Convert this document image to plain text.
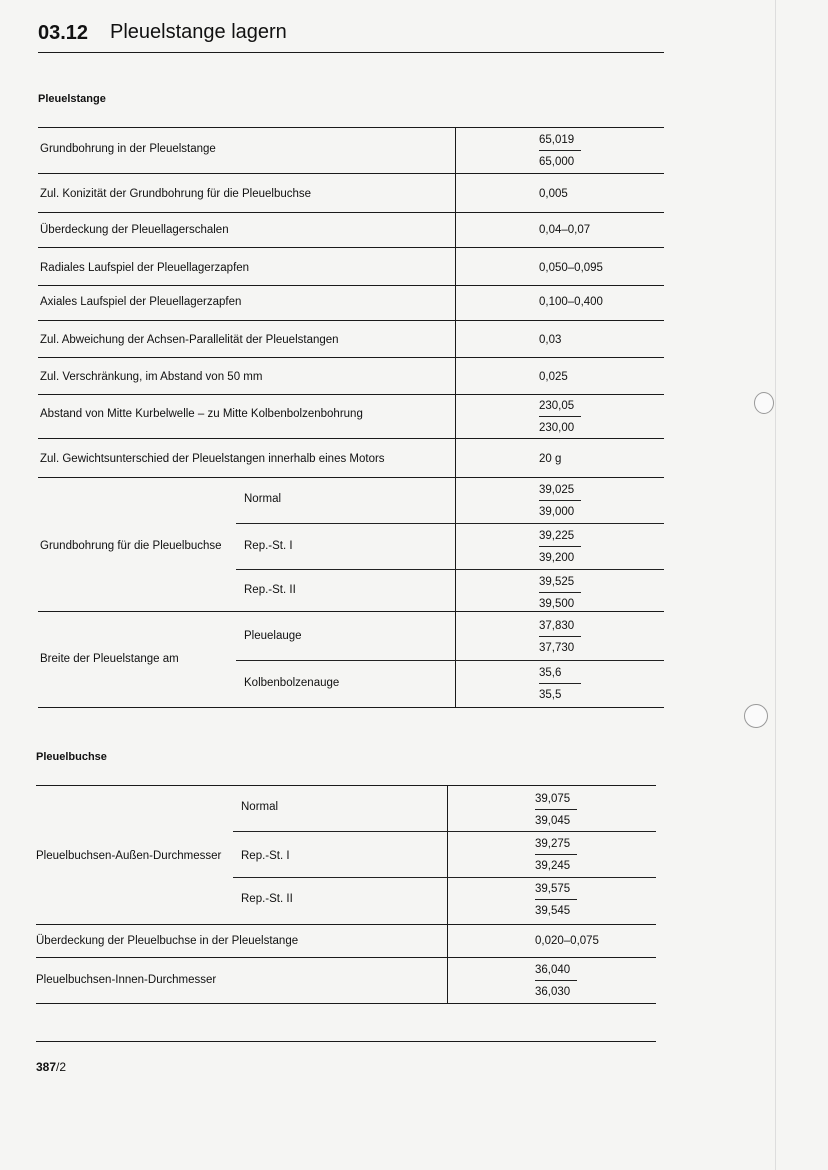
03.12 Pleuelstange lagern
Pleuelstange
Grundbohrung in der Pleuelstange	$\frac{65,019}{65,000}$
Zul. Konizität der Grundbohrung für die Pleuelbuchse	0,005
Überdeckung der Pleuellagerschalen	0,04–0,07
Radiales Laufspiel der Pleuellagerzapfen	0,050–0,095
Axiales Laufspiel der Pleuellagerzapfen	0,100–0,400
Zul. Abweichung der Achsen-Parallelität der Pleuelstangen	0,03
Zul. Verschränkung, im Abstand von 50 mm	0,025
Abstand von Mitte Kurbelwelle – zu Mitte Kolbenbolzenbohrung	$\frac{230,05}{230,00}$
Zul. Gewichtsunterschied der Pleuelstangen innerhalb eines Motors	20 g
Grundbohrung für die Pleuelbuchse
Normal	$\frac{39,025}{39,000}$
Rep.-St. I	$\frac{39,225}{39,200}$
Rep.-St. II	$\frac{39,525}{39,500}$
Breite der Pleuelstange am
Pleuelauge	$\frac{37,830}{37,730}$
Kolbenbolzenauge	$\frac{35,6}{35,5}$
Pleuelbuchse
Pleuelbuchsen-Außen-Durchmesser
Normal	$\frac{39,075}{39,045}$
Rep.-St. I	$\frac{39,275}{39,245}$
Rep.-St. II	$\frac{39,575}{39,545}$
Überdeckung der Pleuelbuchse in der Pleuelstange	0,020–0,075
Pleuelbuchsen-Innen-Durchmesser	$\frac{36,040}{36,030}$
387/2
